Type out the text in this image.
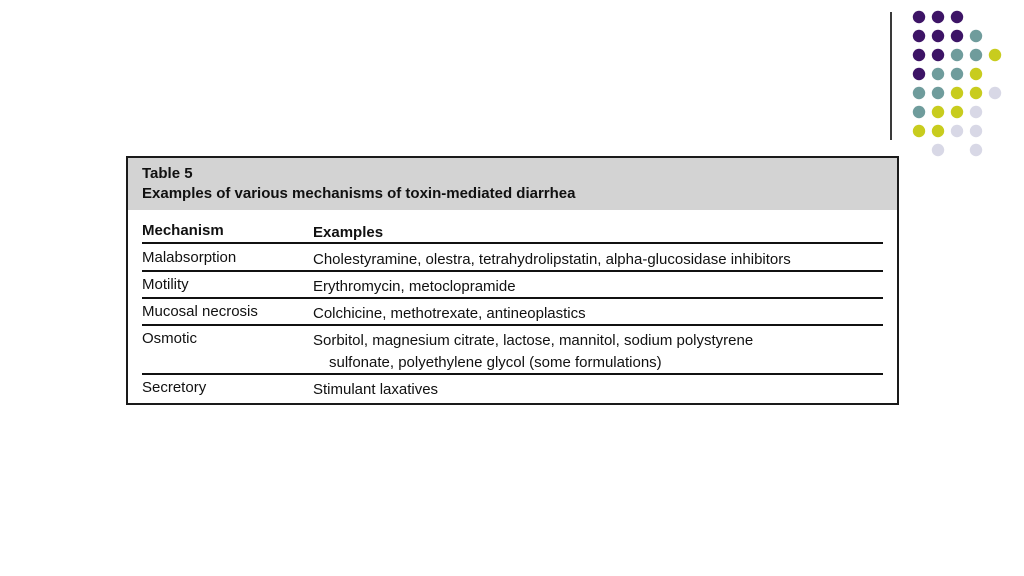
Table 5
Examples of various mechanisms of toxin-mediated diarrhea
Mechanism	Examples
Malabsorption	Cholestyramine, olestra, tetrahydrolipstatin, alpha-glucosidase inhibitors
Motility	Erythromycin, metoclopramide
Mucosal necrosis	Colchicine, methotrexate, antineoplastics
Osmotic	Sorbitol, magnesium citrate, lactose, mannitol, sodium polystyrene
sulfonate, polyethylene glycol (some formulations)
Secretory	Stimulant laxatives
